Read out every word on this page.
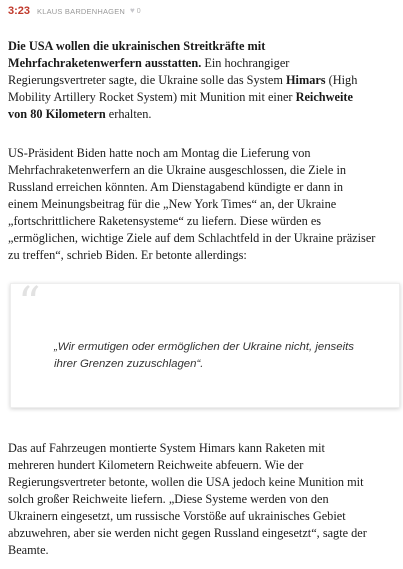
3:23 KLAUS BARDENHAGEN ♥ 0
Die USA wollen die ukrainischen Streitkräfte mit
Mehrfachraketenwerfern ausstatten. Ein hochrangiger
Regierungsvertreter sagte, die Ukraine solle das System Himars (High
Mobility Artillery Rocket System) mit Munition mit einer Reichweite
von 80 Kilometern erhalten.
US-Präsident Biden hatte noch am Montag die Lieferung von
Mehrfachraketenwerfern an die Ukraine ausgeschlossen, die Ziele in
Russland erreichen könnten. Am Dienstagabend kündigte er dann in
einem Meinungsbeitrag für die „New York Times“ an, der Ukraine
„fortschrittlichere Raketensysteme“ zu liefern. Diese würden es
„ermöglichen, wichtige Ziele auf dem Schlachtfeld in der Ukraine präziser
zu treffen“, schrieb Biden. Er betonte allerdings:
“
„Wir ermutigen oder ermöglichen der Ukraine nicht, jenseits
ihrer Grenzen zuzuschlagen“.
Das auf Fahrzeugen montierte System Himars kann Raketen mit
mehreren hundert Kilometern Reichweite abfeuern. Wie der
Regierungsvertreter betonte, wollen die USA jedoch keine Munition mit
solch großer Reichweite liefern. „Diese Systeme werden von den
Ukrainern eingesetzt, um russische Vorstöße auf ukrainisches Gebiet
abzuwehren, aber sie werden nicht gegen Russland eingesetzt“, sagte der
Beamte.
